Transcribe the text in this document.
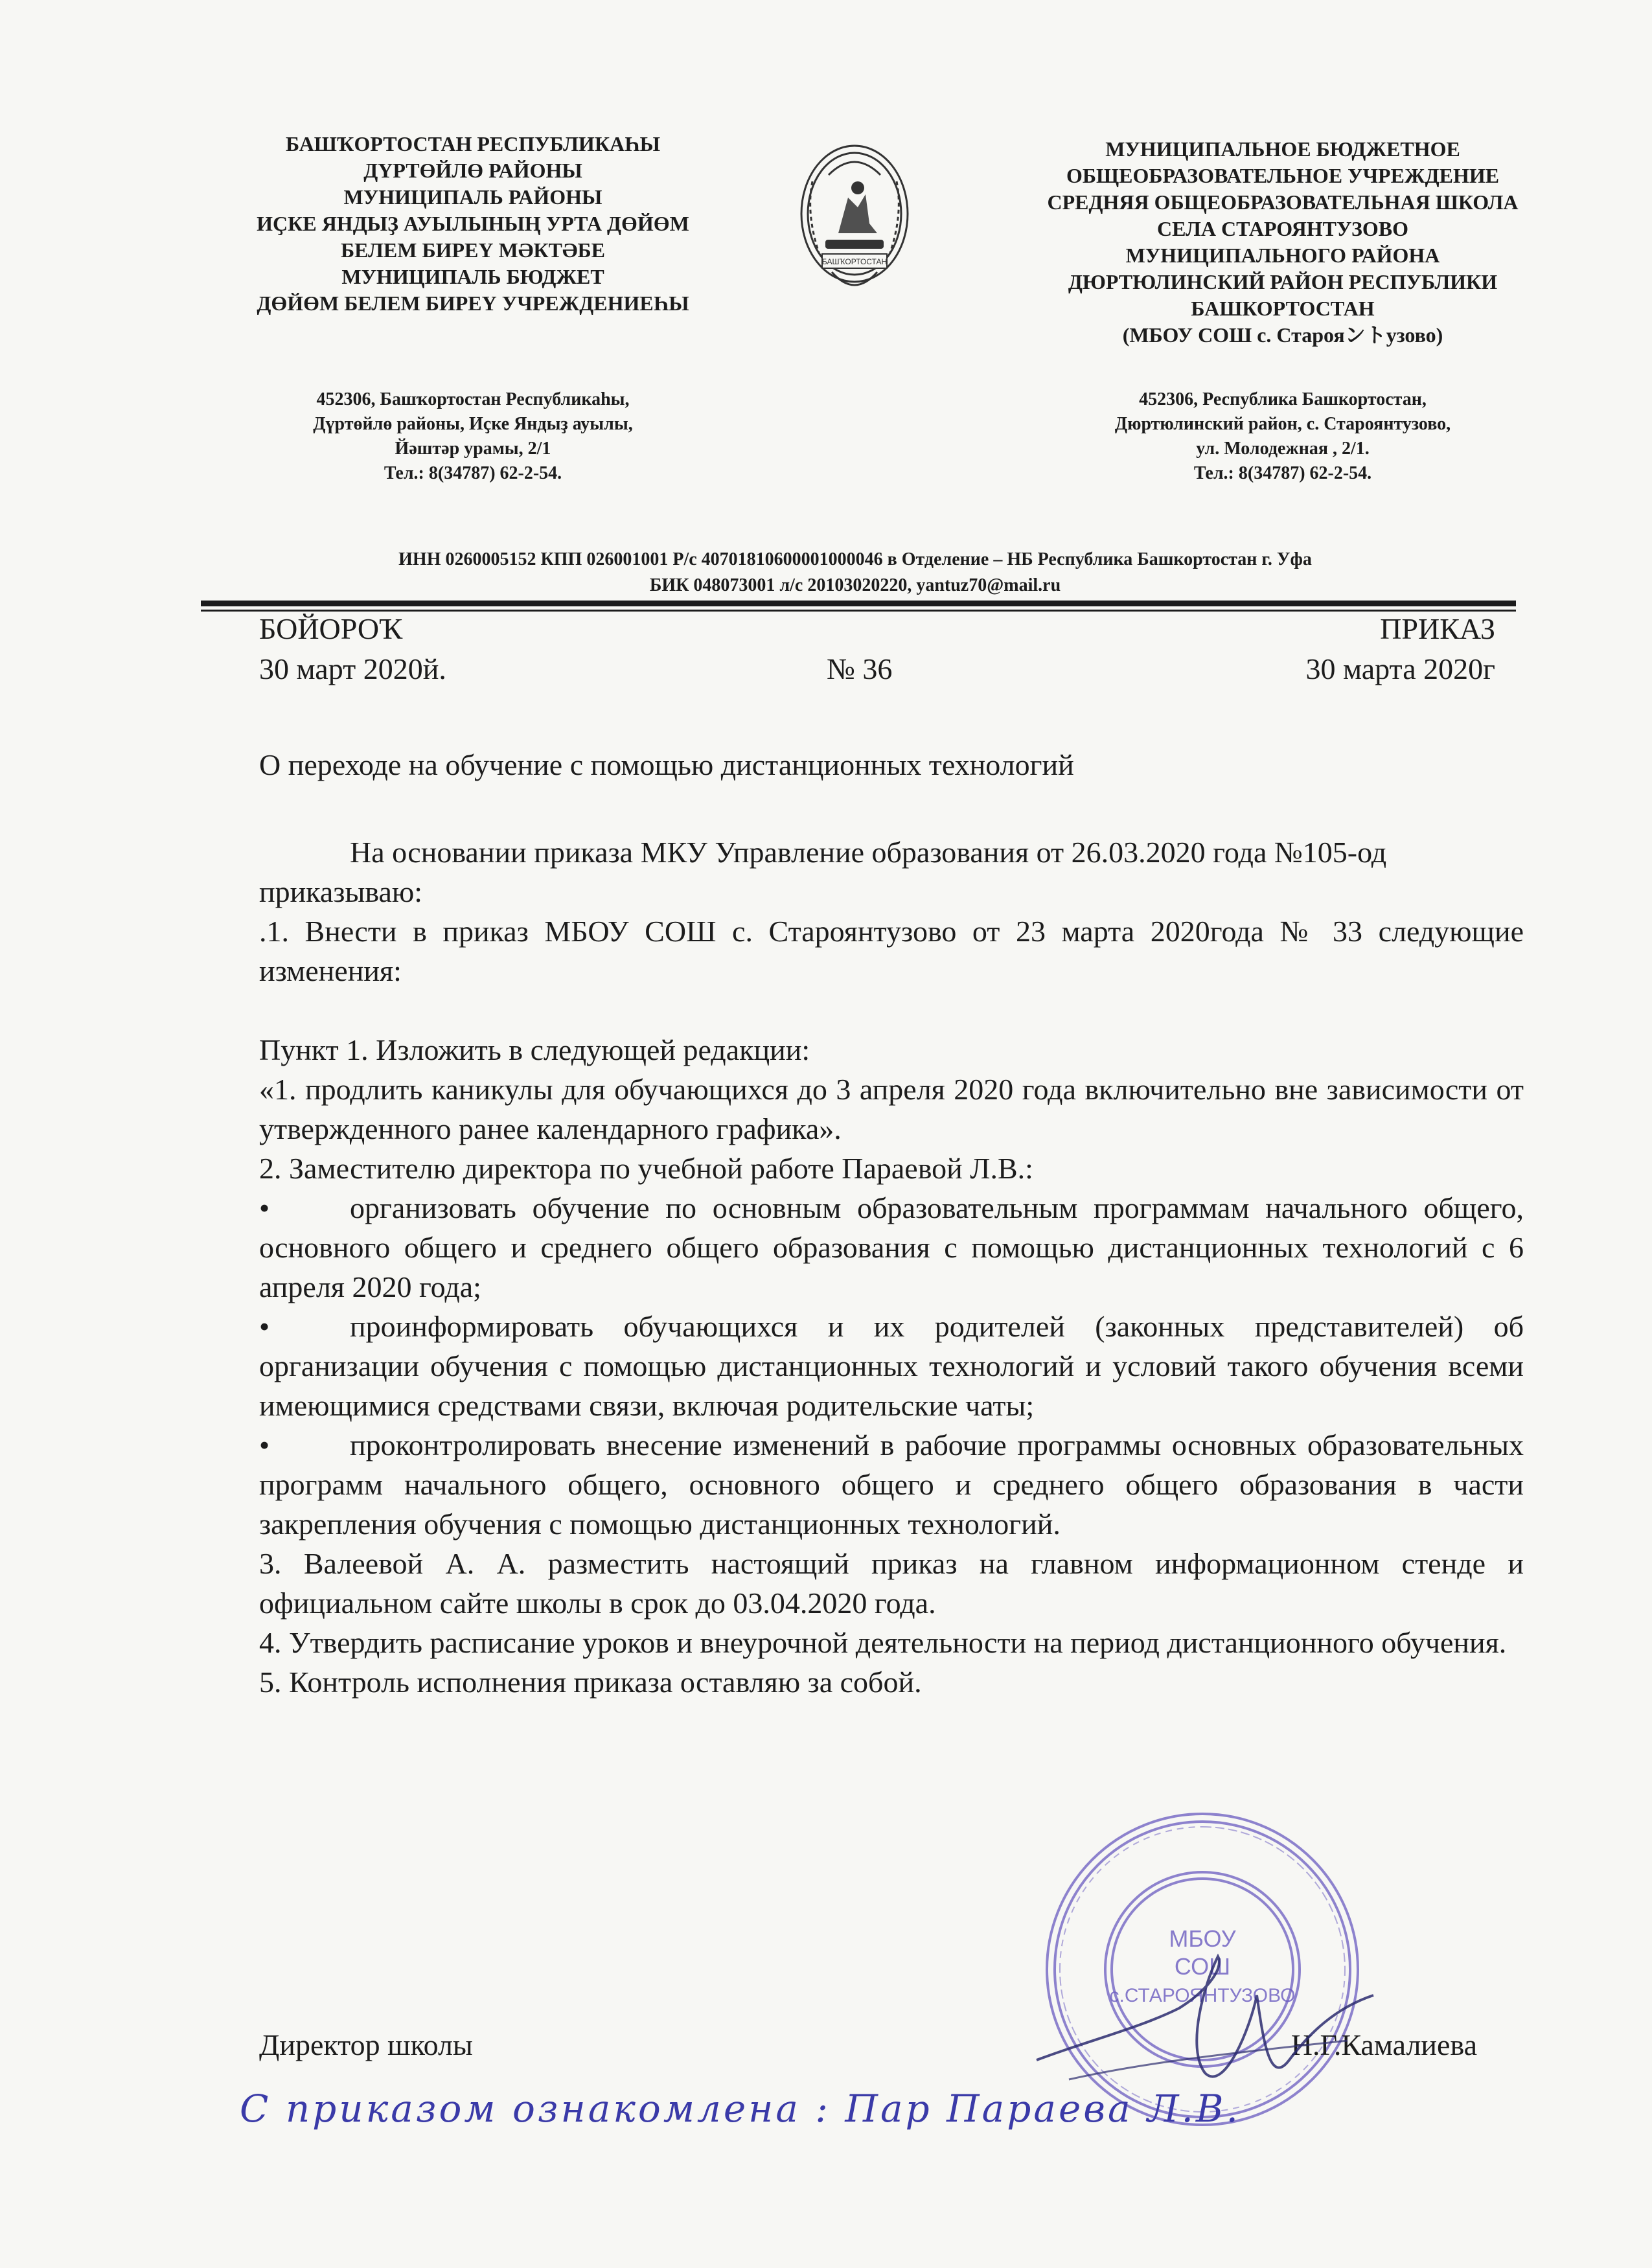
БАШҠОРТОСТАН РЕСПУБЛИКАҺЫ
ДҮРТӨЙЛӨ РАЙОНЫ
МУНИЦИПАЛЬ РАЙОНЫ
ИҪКЕ ЯНДЫҘ АУЫЛЫНЫҢ УРТА ДӨЙӨМ
БЕЛЕМ БИРЕҮ МӘКТӘБЕ
МУНИЦИПАЛЬ БЮДЖЕТ
ДӨЙӨМ БЕЛЕМ БИРЕҮ УЧРЕЖДЕНИЕҺЫ
БАШҠОРТОСТАН
МУНИЦИПАЛЬНОЕ БЮДЖЕТНОЕ
ОБЩЕОБРАЗОВАТЕЛЬНОЕ УЧРЕЖДЕНИЕ
СРЕДНЯЯ ОБЩЕОБРАЗОВАТЕЛЬНАЯ ШКОЛА
СЕЛА СТАРОЯНТУЗОВО
МУНИЦИПАЛЬНОГО РАЙОНА
ДЮРТЮЛИНСКИЙ РАЙОН РЕСПУБЛИКИ
БАШКОРТОСТАН
(МБОУ СОШ с. Старояントузово)
452306, Башҡортостан Республикаһы,
Дүртөйлө районы, Иҫке Яндыҙ ауылы,
Йәштәр урамы, 2/1
Тел.: 8(34787) 62-2-54.
452306, Республика Башкортостан,
Дюртюлинский район, с. Староянтузово,
ул. Молодежная , 2/1.
Тел.: 8(34787) 62-2-54.
ИНН 0260005152 КПП 026001001 Р/с 40701810600001000046 в Отделение – НБ Республика Башкортостан г. Уфа
БИК 048073001 л/с 20103020220, yantuz70@mail.ru
БОЙОРОҠ
30 март 2020й.	№ 36
ПРИКАЗ
30 марта 2020г
О переходе на обучение с помощью дистанционных технологий

На основании приказа МКУ Управление образования от 26.03.2020 года №105-од

приказываю:

.1. Внести в приказ МБОУ СОШ с. Староянтузово от 23 марта 2020года № 33 следующие изменения:

Пункт 1. Изложить в следующей редакции:

«1. продлить каникулы для обучающихся до 3 апреля 2020 года включительно вне зависимости от утвержденного ранее календарного графика».

2. Заместителю директора по учебной работе Параевой Л.В.:

•	организовать обучение по основным образовательным программам начального общего, основного общего и среднего общего образования с помощью дистанционных технологий с 6 апреля 2020 года;

•	проинформировать обучающихся и их родителей (законных представителей) об организации обучения с помощью дистанционных технологий и условий такого обучения всеми имеющимися средствами связи, включая родительские чаты;

•	проконтролировать внесение изменений в рабочие программы основных образовательных программ начального общего, основного общего и среднего общего образования в части закрепления обучения с помощью дистанционных технологий.

3. Валеевой А. А. разместить настоящий приказ на главном информационном стенде и официальном сайте школы в срок до 03.04.2020 года.

4. Утвердить расписание уроков и внеурочной деятельности на период дистанционного обучения.

5. Контроль исполнения приказа оставляю за собой.

МБОУ
СОШ
с.СТАРОЯНТУЗОВО
Директор школы	Н.Г.Камалиева
С приказом ознакомлена : Пар Параева Л.В.
